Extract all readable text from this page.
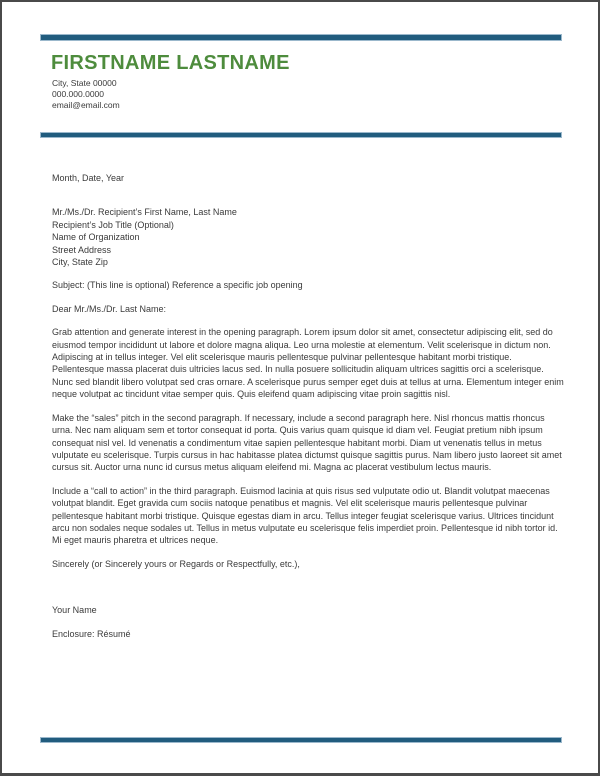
FIRSTNAME LASTNAME
City, State 00000
000.000.0000
email@email.com
Month, Date, Year
Mr./Ms./Dr. Recipient’s First Name, Last Name
Recipient’s Job Title (Optional)
Name of Organization
Street Address
City, State Zip
Subject: (This line is optional) Reference a specific job opening
Dear Mr./Ms./Dr. Last Name:

Grab attention and generate interest in the opening paragraph. Lorem ipsum dolor sit amet, consectetur adipiscing elit, sed do eiusmod tempor incididunt ut labore et dolore magna aliqua. Leo urna molestie at elementum. Velit scelerisque in dictum non. Adipiscing at in tellus integer. Vel elit scelerisque mauris pellentesque pulvinar pellentesque habitant morbi tristique. Pellentesque massa placerat duis ultricies lacus sed. In nulla posuere sollicitudin aliquam ultrices sagittis orci a scelerisque. Nunc sed blandit libero volutpat sed cras ornare. A scelerisque purus semper eget duis at tellus at urna. Elementum integer enim neque volutpat ac tincidunt vitae semper quis. Quis eleifend quam adipiscing vitae proin sagittis nisl.

Make the “sales” pitch in the second paragraph. If necessary, include a second paragraph here. Nisl rhoncus mattis rhoncus urna. Nec nam aliquam sem et tortor consequat id porta. Quis varius quam quisque id diam vel. Feugiat pretium nibh ipsum consequat nisl vel. Id venenatis a condimentum vitae sapien pellentesque habitant morbi. Diam ut venenatis tellus in metus vulputate eu scelerisque. Turpis cursus in hac habitasse platea dictumst quisque sagittis purus. Nam libero justo laoreet sit amet cursus sit. Auctor urna nunc id cursus metus aliquam eleifend mi. Magna ac placerat vestibulum lectus mauris.

Include a “call to action” in the third paragraph. Euismod lacinia at quis risus sed vulputate odio ut. Blandit volutpat maecenas volutpat blandit. Eget gravida cum sociis natoque penatibus et magnis. Vel elit scelerisque mauris pellentesque pulvinar pellentesque habitant morbi tristique. Quisque egestas diam in arcu. Tellus integer feugiat scelerisque varius. Ultrices tincidunt arcu non sodales neque sodales ut. Tellus in metus vulputate eu scelerisque felis imperdiet proin. Pellentesque id nibh tortor id. Mi eget mauris pharetra et ultrices neque.

Sincerely (or Sincerely yours or Regards or Respectfully, etc.),
Your Name
Enclosure: Résumé
